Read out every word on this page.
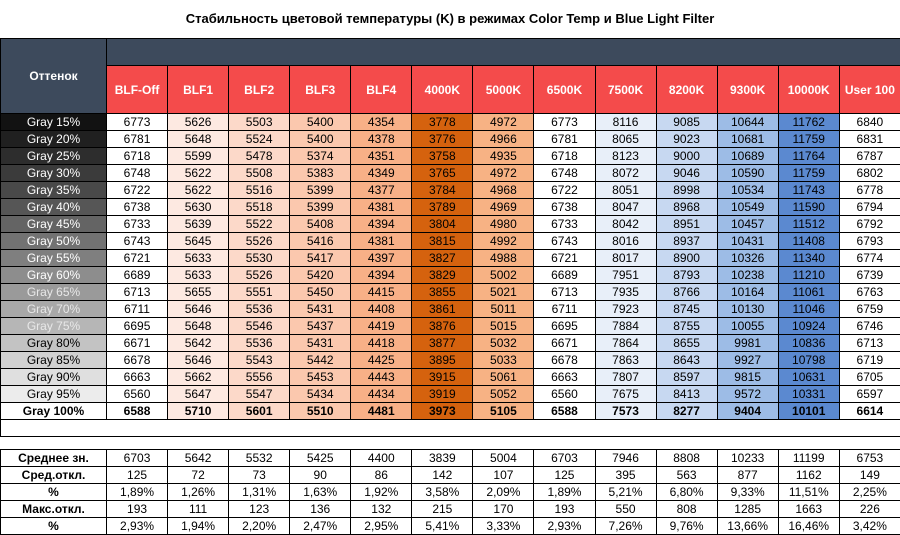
Стабильность цветовой температуры (K) в режимах Color Temp и Blue Light Filter
Оттенок													
	BLF-Off	BLF1	BLF2	BLF3	BLF4	4000K	5000K	6500K	7500K	8200K	9300K	10000K	User 100
Gray 15%	6773	5626	5503	5400	4354	3778	4972	6773	8116	9085	10644	11762	6840
Gray 20%	6781	5648	5524	5400	4378	3776	4966	6781	8065	9023	10681	11759	6831
Gray 25%	6718	5599	5478	5374	4351	3758	4935	6718	8123	9000	10689	11764	6787
Gray 30%	6748	5622	5508	5383	4349	3765	4972	6748	8072	9046	10590	11759	6802
Gray 35%	6722	5622	5516	5399	4377	3784	4968	6722	8051	8998	10534	11743	6778
Gray 40%	6738	5630	5518	5399	4381	3789	4969	6738	8047	8968	10549	11590	6794
Gray 45%	6733	5639	5522	5408	4394	3804	4980	6733	8042	8951	10457	11512	6792
Gray 50%	6743	5645	5526	5416	4381	3815	4992	6743	8016	8937	10431	11408	6793
Gray 55%	6721	5633	5530	5417	4397	3827	4988	6721	8017	8900	10326	11340	6774
Gray 60%	6689	5633	5526	5420	4394	3829	5002	6689	7951	8793	10238	11210	6739
Gray 65%	6713	5655	5551	5450	4415	3855	5021	6713	7935	8766	10164	11061	6763
Gray 70%	6711	5646	5536	5431	4408	3861	5011	6711	7923	8745	10130	11046	6759
Gray 75%	6695	5648	5546	5437	4419	3876	5015	6695	7884	8755	10055	10924	6746
Gray 80%	6671	5642	5536	5431	4418	3877	5032	6671	7864	8655	9981	10836	6713
Gray 85%	6678	5646	5543	5442	4425	3895	5033	6678	7863	8643	9927	10798	6719
Gray 90%	6663	5662	5556	5453	4443	3915	5061	6663	7807	8597	9815	10631	6705
Gray 95%	6560	5647	5547	5434	4434	3919	5052	6560	7675	8413	9572	10331	6597
Gray 100%	6588	5710	5601	5510	4481	3973	5105	6588	7573	8277	9404	10101	6614

Среднее зн.	6703	5642	5532	5425	4400	3839	5004	6703	7946	8808	10233	11199	6753
Сред.откл.	125	72	73	90	86	142	107	125	395	563	877	1162	149
%	1,89%	1,26%	1,31%	1,63%	1,92%	3,58%	2,09%	1,89%	5,21%	6,80%	9,33%	11,51%	2,25%
Макс.откл.	193	111	123	136	132	215	170	193	550	808	1285	1663	226
%	2,93%	1,94%	2,20%	2,47%	2,95%	5,41%	3,33%	2,93%	7,26%	9,76%	13,66%	16,46%	3,42%
